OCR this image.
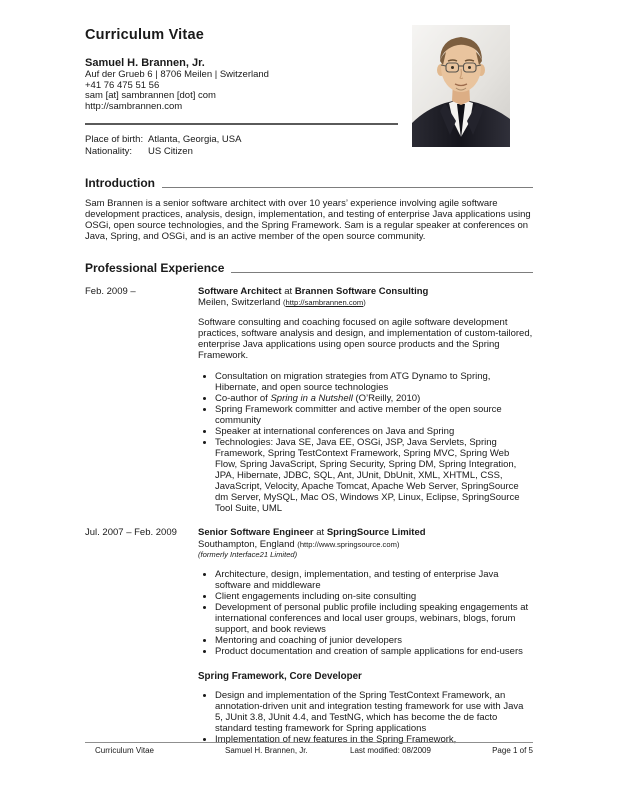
Curriculum Vitae
Samuel H. Brannen, Jr.
Auf der Grueb 6 | 8706 Meilen | Switzerland
+41 76 475 51 56
sam [at] sambrannen [dot] com
http://sambrannen.com
Place of birth: Atlanta, Georgia, USA
Nationality:	US Citizen
Introduction

Sam Brannen is a senior software architect with over 10 years’ experience involving agile software development practices, analysis, design, implementation, and testing of enterprise Java applications using OSGi, open source technologies, and the Spring Framework. Sam is a regular speaker at conferences on Java, Spring, and OSGi, and is an active member of the open source community.

Professional Experience
Feb. 2009 –	Software Architect at Brannen Software Consulting
Meilen, Switzerland (http://sambrannen.com)

Software consulting and coaching focused on agile software development practices, software analysis and design, and implementation of custom-tailored, enterprise Java applications using open source products and the Spring Framework.

• Consultation on migration strategies from ATG Dynamo to Spring, Hibernate, and open source technologies
• Co-author of Spring in a Nutshell (O’Reilly, 2010)
• Spring Framework committer and active member of the open source community
• Speaker at international conferences on Java and Spring
• Technologies: Java SE, Java EE, OSGi, JSP, Java Servlets, Spring Framework, Spring TestContext Framework, Spring MVC, Spring Web Flow, Spring JavaScript, Spring Security, Spring DM, Spring Integration, JPA, Hibernate, JDBC, SQL, Ant, JUnit, DbUnit, XML, XHTML, CSS, JavaScript, Velocity, Apache Tomcat, Apache Web Server, SpringSource dm Server, MySQL, Mac OS, Windows XP, Linux, Eclipse, SpringSource Tool Suite, UML
Jul. 2007 – Feb. 2009	Senior Software Engineer at SpringSource Limited
Southampton, England (http://www.springsource.com)
(formerly Interface21 Limited)
• Architecture, design, implementation, and testing of enterprise Java software and middleware
• Client engagements including on-site consulting
• Development of personal public profile including speaking engagements at international conferences and local user groups, webinars, blogs, forum support, and book reviews
• Mentoring and coaching of junior developers
• Product documentation and creation of sample applications for end-users
Spring Framework, Core Developer
• Design and implementation of the Spring TestContext Framework, an annotation-driven unit and integration testing framework for use with Java 5, JUnit 3.8, JUnit 4.4, and TestNG, which has become the de facto standard testing framework for Spring applications
• Implementation of new features in the Spring Framework,
Curriculum Vitae	Samuel H. Brannen, Jr.	Last modified: 08/2009	Page 1 of 5
